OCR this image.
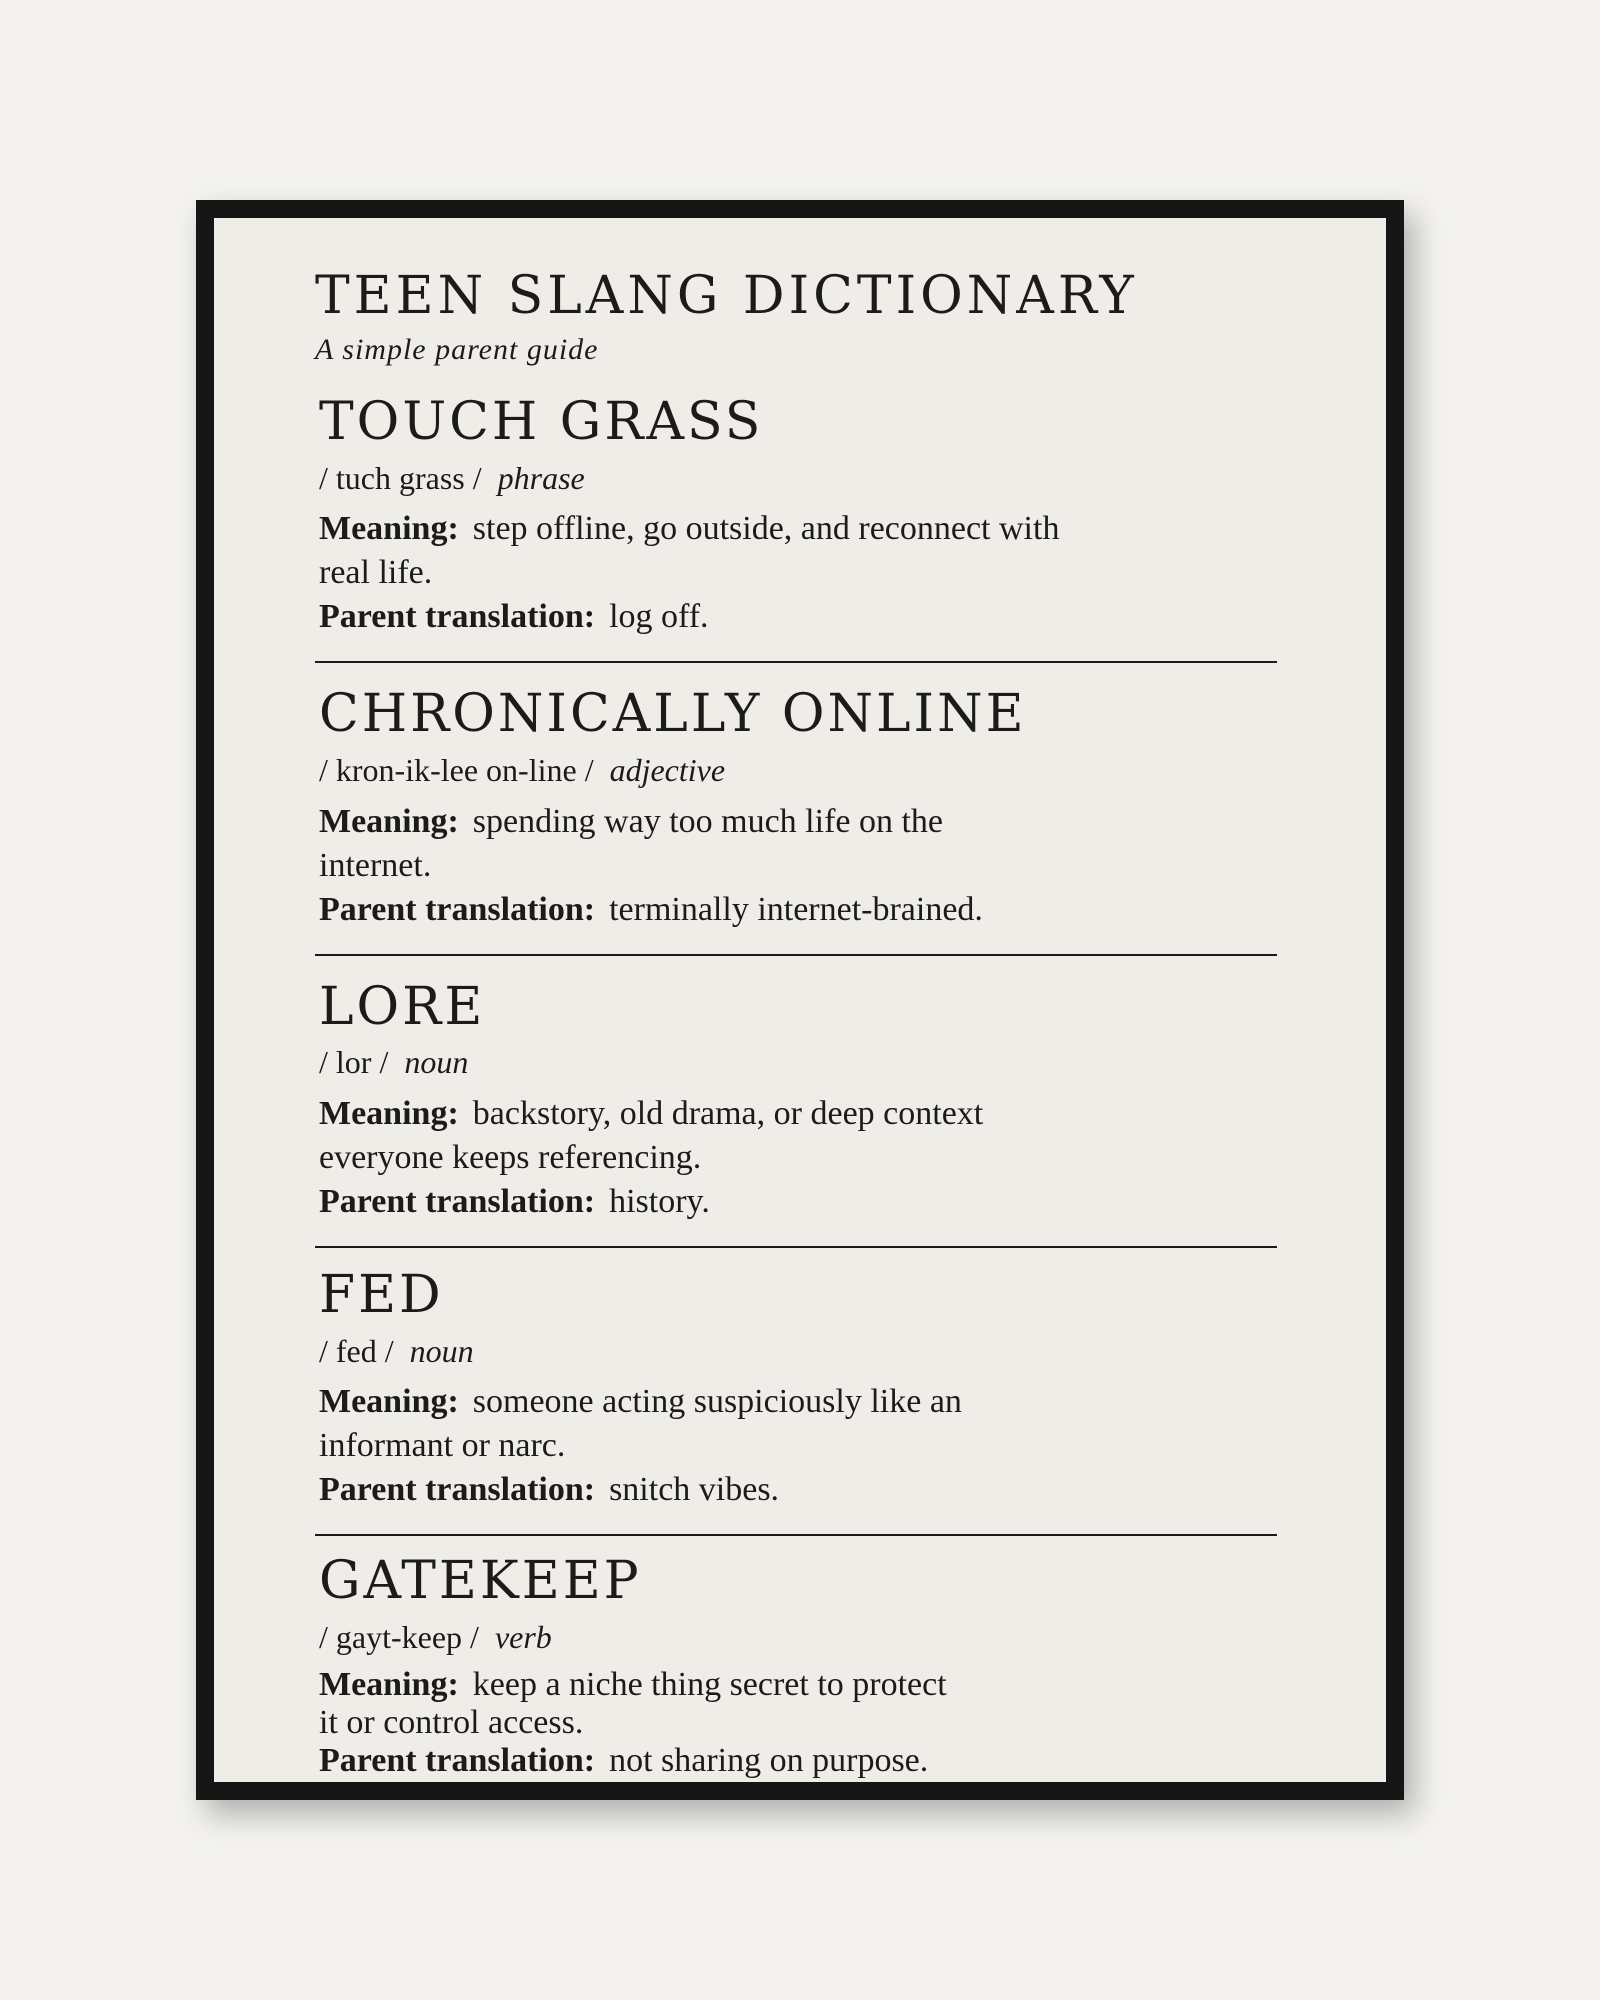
TEEN SLANG DICTIONARY

A simple parent guide

TOUCH GRASS

/ tuch grass / phrase

Meaning: step offline, go outside, and reconnect with real life.

Parent translation: log off.

CHRONICALLY ONLINE

/ kron-ik-lee on-line / adjective

Meaning: spending way too much life on the internet.

Parent translation: terminally internet-brained.

LORE

/ lor / noun

Meaning: backstory, old drama, or deep context everyone keeps referencing.

Parent translation: history.

FED

/ fed / noun

Meaning: someone acting suspiciously like an informant or narc.

Parent translation: snitch vibes.

GATEKEEP

/ gayt-keep / verb

Meaning: keep a niche thing secret to protect it or control access.

Parent translation: not sharing on purpose.
